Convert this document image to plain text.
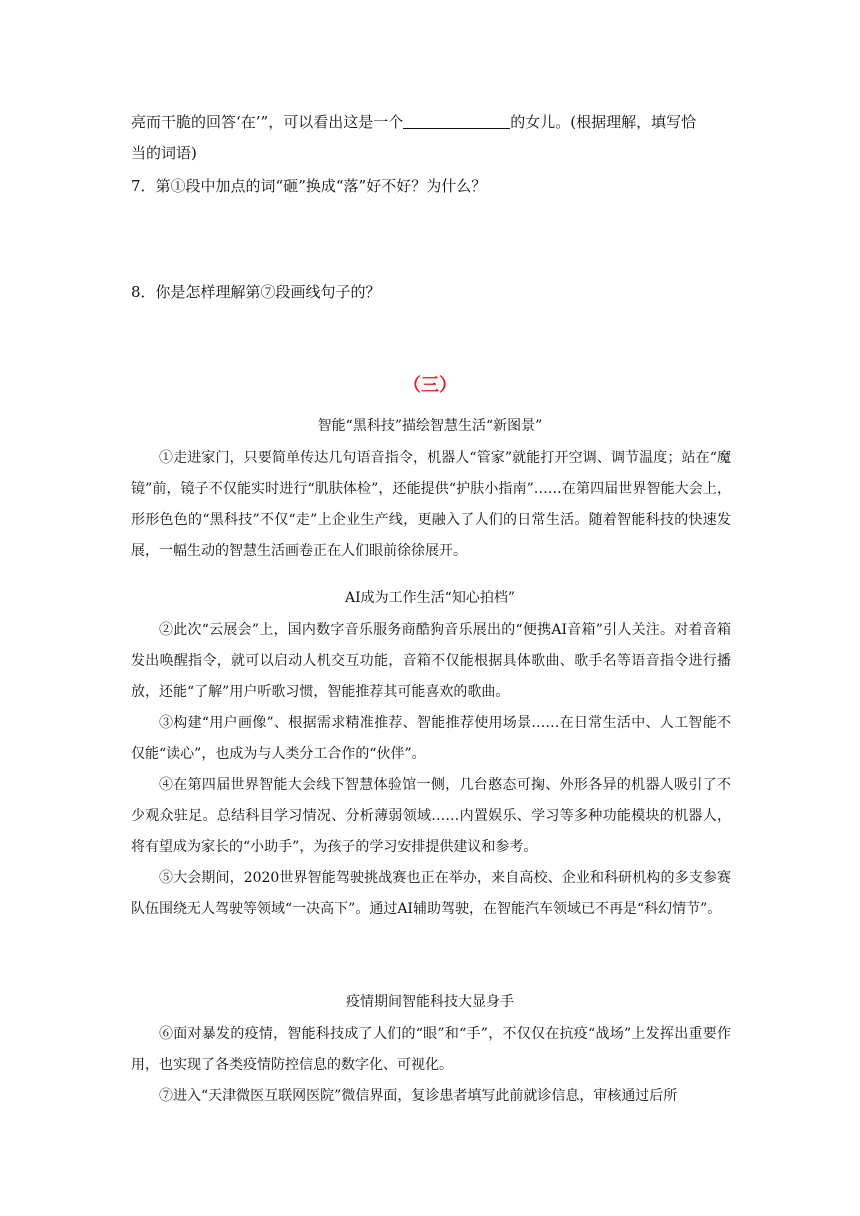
亮而干脆的回答‘在’”，可以看出这是一个	的女儿。(根据理解，填写恰
当的词语)
7．第①段中加点的词“砸”换成“落”好不好？为什么？
8．你是怎样理解第⑦段画线句子的？
（三）
智能“黑科技”描绘智慧生活“新图景”
①走进家门，只要简单传达几句语音指令，机器人“管家”就能打开空调、调节温度；站在“魔镜”前，镜子不仅能实时进行“肌肤体检”，还能提供“护肤小指南”……在第四届世界智能大会上，形形色色的“黑科技”不仅“走”上企业生产线，更融入了人们的日常生活。随着智能科技的快速发展，一幅生动的智慧生活画卷正在人们眼前徐徐展开。
AI成为工作生活“知心拍档”
②此次“云展会”上，国内数字音乐服务商酷狗音乐展出的“便携AI音箱”引人关注。对着音箱发出唤醒指令，就可以启动人机交互功能，音箱不仅能根据具体歌曲、歌手名等语音指令进行播放，还能“了解”用户听歌习惯，智能推荐其可能喜欢的歌曲。
③构建“用户画像”、根据需求精准推荐、智能推荐使用场景……在日常生活中、人工智能不仅能“读心”，也成为与人类分工合作的“伙伴”。
④在第四届世界智能大会线下智慧体验馆一侧，几台憨态可掬、外形各异的机器人吸引了不少观众驻足。总结科目学习情况、分析薄弱领域……内置娱乐、学习等多种功能模块的机器人，将有望成为家长的“小助手”，为孩子的学习安排提供建议和参考。
⑤大会期间，2020世界智能驾驶挑战赛也正在举办，来自高校、企业和科研机构的多支参赛队伍围绕无人驾驶等领域“一决高下”。通过AI辅助驾驶，在智能汽车领域已不再是“科幻情节”。
疫情期间智能科技大显身手
⑥面对暴发的疫情，智能科技成了人们的“眼”和“手”，不仅仅在抗疫“战场”上发挥出重要作用，也实现了各类疫情防控信息的数字化、可视化。
⑦进入“天津微医互联网医院”微信界面，复诊患者填写此前就诊信息，审核通过后所
